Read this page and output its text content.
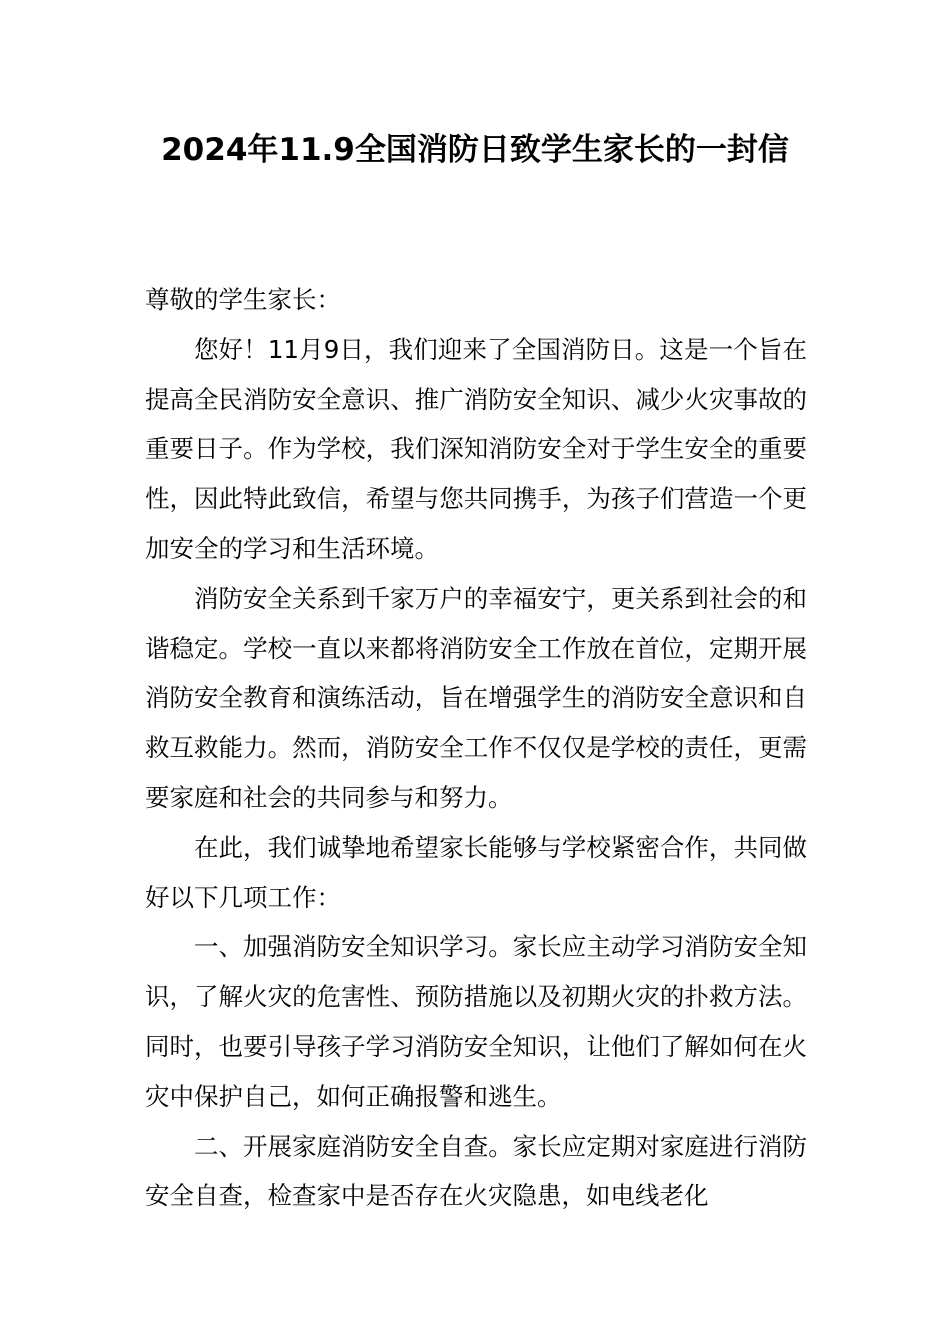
2024年11.9全国消防日致学生家长的一封信

尊敬的学生家长：

您好！11月9日，我们迎来了全国消防日。这是一个旨在提高全民消防安全意识、推广消防安全知识、减少火灾事故的重要日子。作为学校，我们深知消防安全对于学生安全的重要性，因此特此致信，希望与您共同携手，为孩子们营造一个更加安全的学习和生活环境。

消防安全关系到千家万户的幸福安宁，更关系到社会的和谐稳定。学校一直以来都将消防安全工作放在首位，定期开展消防安全教育和演练活动，旨在增强学生的消防安全意识和自救互救能力。然而，消防安全工作不仅仅是学校的责任，更需要家庭和社会的共同参与和努力。

在此，我们诚挚地希望家长能够与学校紧密合作，共同做好以下几项工作：

一、加强消防安全知识学习。家长应主动学习消防安全知识，了解火灾的危害性、预防措施以及初期火灾的扑救方法。同时，也要引导孩子学习消防安全知识，让他们了解如何在火灾中保护自己，如何正确报警和逃生。

二、开展家庭消防安全自查。家长应定期对家庭进行消防安全自查，检查家中是否存在火灾隐患，如电线老化
